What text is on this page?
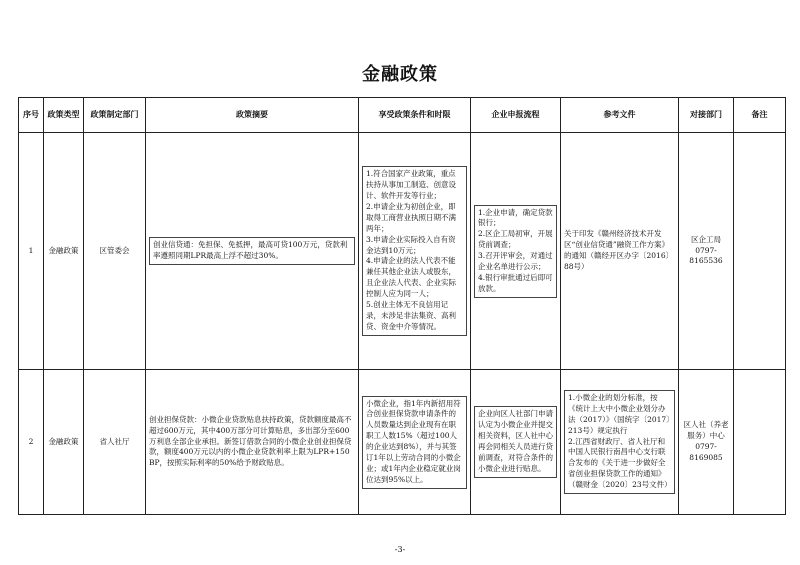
金融政策
序号	政策类型	政策制定部门	政策摘要	享受政策条件和时限	企业申报流程	参考文件	对接部门	备注
1	金融政策	区管委会	创业信贷通：免担保、免抵押，最高可贷100万元，贷款利率遵照同期LPR最高上浮不超过30%。	1.符合国家产业政策，重点扶持从事加工制造、创意设计、软件开发等行业；
2.申请企业为初创企业，即取得工商营业执照日期不满两年；
3.申请企业实际投入自有资金达到10万元；
4.申请企业的法人代表不能兼任其他企业法人或股东，且企业法人代表、企业实际控制人应为同一人；
5.创业主体无不良信用记录，未涉足非法集资、高利贷、资金中介等情况。	1.企业申请，确定贷款银行；
2.区企工局初审，开展贷前调查；
3.召开评审会，对通过企业名单进行公示；
4.银行审批通过后即可放款。	关于印发《赣州经济技术开发区“创业信贷通”融资工作方案》的通知（赣经开区办字〔2016〕88号）	区企工局
0797-
8165536	
2	金融政策	省人社厅	创业担保贷款：小微企业贷款贴息扶持政策，贷款额度最高不超过600万元，其中400万部分可计算贴息，多出部分至600万利息全部企业承担。新签订借款合同的小微企业创业担保贷款，额度400万元以内的小微企业贷款利率上限为LPR+150BP，按照实际利率的50%给予财政贴息。	小微企业，指1年内新招用符合创业担保贷款申请条件的人员数量达到企业现有在职职工人数15%（超过100人的企业达到8%），并与其签订1年以上劳动合同的小微企业；或1年内企业稳定就业岗位达到95%以上。	企业向区人社部门申请认定为小微企业并提交相关资料，区人社中心再会同相关人员进行贷前调查，对符合条件的小微企业进行贴息。	1.小微企业的划分标准，按《统计上大中小微企业划分办法（2017）》（国统字〔2017〕213号）规定执行
2.江西省财政厅、省人社厅和中国人民银行南昌中心支行联合发布的《关于进一步做好全省创业担保贷款工作的通知》（赣财金〔2020〕23号文件）	区人社（养老服务）中心
0797-
8169085	
-3-
